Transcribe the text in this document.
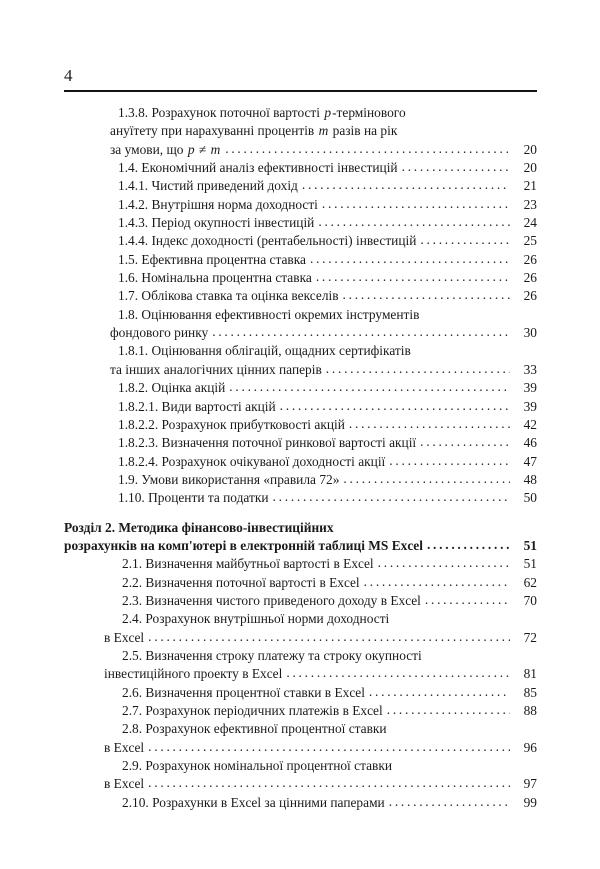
4
1.3.8. Розрахунок поточної вартості p-термінового
ануїтету при нарахуванні процентів m разів на рік
за умови, що p ≠ m . . .	20
1.4. Економічний аналіз ефективності інвестицій . . .	20
1.4.1. Чистий приведений дохід . . .	21
1.4.2. Внутрішня норма доходності . . .	23
1.4.3. Період окупності інвестицій . . .	24
1.4.4. Індекс доходності (рентабельності) інвестицій . . .	25
1.5. Ефективна процентна ставка . . .	26
1.6. Номінальна процентна ставка . . .	26
1.7. Облікова ставка та оцінка векселів . . .	26
1.8. Оцінювання ефективності окремих інструментів
фондового ринку . . .	30
1.8.1. Оцінювання облігацій, ощадних сертифікатів
та інших аналогічних цінних паперів . . .	33
1.8.2. Оцінка акцій . . .	39
1.8.2.1. Види вартості акцій . . .	39
1.8.2.2. Розрахунок прибутковості акцій . . .	42
1.8.2.3. Визначення поточної ринкової вартості акції . . .	46
1.8.2.4. Розрахунок очікуваної доходності акції . . .	47
1.9. Умови використання «правила 72» . . .	48
1.10. Проценти та податки . . .	50
Розділ 2. Методика фінансово-інвестиційних
розрахунків на комп'ютері в електронній таблиці MS Excel . . .	51
2.1. Визначення майбутньої вартості в Excel . . .	51
2.2. Визначення поточної вартості в Excel . . .	62
2.3. Визначення чистого приведеного доходу в Excel . . .	70
2.4. Розрахунок внутрішньої норми доходності
в Excel . . .	72
2.5. Визначення строку платежу та строку окупності
інвестиційного проекту в Excel . . .	81
2.6. Визначення процентної ставки в Excel . . .	85
2.7. Розрахунок періодичних платежів в Excel . . .	88
2.8. Розрахунок ефективної процентної ставки
в Excel . . .	96
2.9. Розрахунок номінальної процентної ставки
в Excel . . .	97
2.10. Розрахунки в Excel за цінними паперами . . .	99
